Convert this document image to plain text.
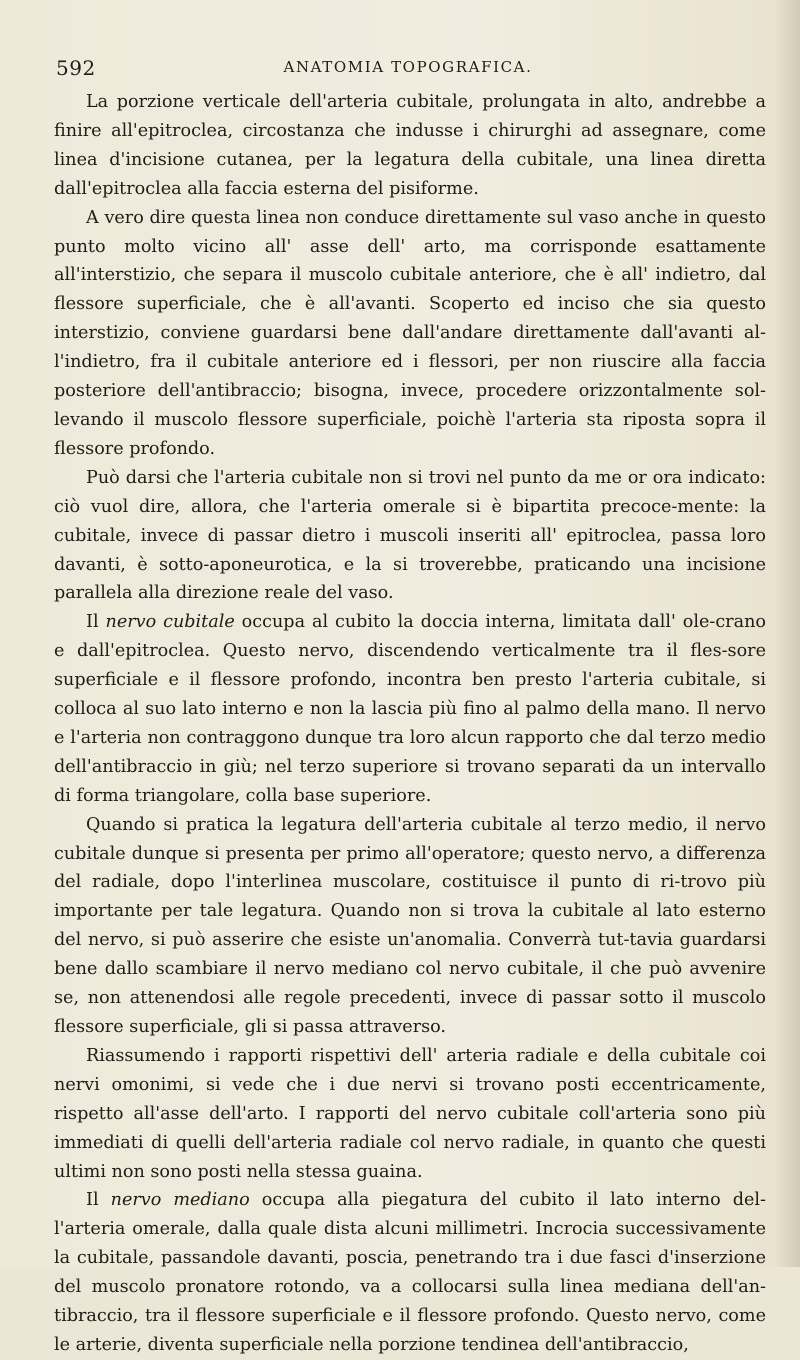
592	ANATOMIA TOPOGRAFICA.

La porzione verticale dell'arteria cubitale, prolungata in alto, andrebbe a finire all'epitroclea, circostanza che indusse i chirurghi ad assegnare, come linea d'incisione cutanea, per la legatura della cubitale, una linea diretta dall'epitroclea alla faccia esterna del pisiforme.

A vero dire questa linea non conduce direttamente sul vaso anche in questo punto molto vicino all' asse dell' arto, ma corrisponde esattamente all'interstizio, che separa il muscolo cubitale anteriore, che è all' indietro, dal flessore superficiale, che è all'avanti. Scoperto ed inciso che sia questo interstizio, conviene guardarsi bene dall'andare direttamente dall'avanti al-l'indietro, fra il cubitale anteriore ed i flessori, per non riuscire alla faccia posteriore dell'antibraccio; bisogna, invece, procedere orizzontalmente sol-levando il muscolo flessore superficiale, poichè l'arteria sta riposta sopra il flessore profondo.

Può darsi che l'arteria cubitale non si trovi nel punto da me or ora indicato: ciò vuol dire, allora, che l'arteria omerale si è bipartita precoce-mente: la cubitale, invece di passar dietro i muscoli inseriti all' epitroclea, passa loro davanti, è sotto-aponeurotica, e la si troverebbe, praticando una incisione parallela alla direzione reale del vaso.

Il nervo cubitale occupa al cubito la doccia interna, limitata dall' ole-crano e dall'epitroclea. Questo nervo, discendendo verticalmente tra il fles-sore superficiale e il flessore profondo, incontra ben presto l'arteria cubitale, si colloca al suo lato interno e non la lascia più fino al palmo della mano. Il nervo e l'arteria non contraggono dunque tra loro alcun rapporto che dal terzo medio dell'antibraccio in giù; nel terzo superiore si trovano separati da un intervallo di forma triangolare, colla base superiore.

Quando si pratica la legatura dell'arteria cubitale al terzo medio, il nervo cubitale dunque si presenta per primo all'operatore; questo nervo, a differenza del radiale, dopo l'interlinea muscolare, costituisce il punto di ri-trovo più importante per tale legatura. Quando non si trova la cubitale al lato esterno del nervo, si può asserire che esiste un'anomalia. Converrà tut-tavia guardarsi bene dallo scambiare il nervo mediano col nervo cubitale, il che può avvenire se, non attenendosi alle regole precedenti, invece di passar sotto il muscolo flessore superficiale, gli si passa attraverso.

Riassumendo i rapporti rispettivi dell' arteria radiale e della cubitale coi nervi omonimi, si vede che i due nervi si trovano posti eccentricamente, rispetto all'asse dell'arto. I rapporti del nervo cubitale coll'arteria sono più immediati di quelli dell'arteria radiale col nervo radiale, in quanto che questi ultimi non sono posti nella stessa guaina.

Il nervo mediano occupa alla piegatura del cubito il lato interno del-l'arteria omerale, dalla quale dista alcuni millimetri. Incrocia successivamente la cubitale, passandole davanti, poscia, penetrando tra i due fasci d'inserzione del muscolo pronatore rotondo, va a collocarsi sulla linea mediana dell'an-tibraccio, tra il flessore superficiale e il flessore profondo. Questo nervo, come le arterie, diventa superficiale nella porzione tendinea dell'antibraccio,
